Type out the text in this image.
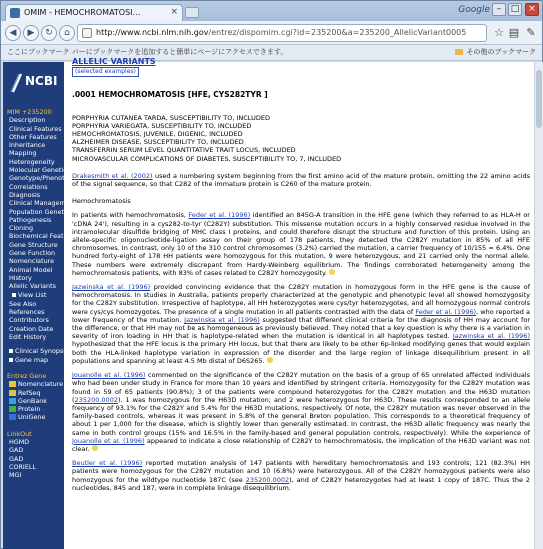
OMIM - HEMOCHROMATOSI…	×	Google –	□ ×
◀	▶	↻	⌂	http://www.ncbi.nlm.nih.gov/entrez/dispomim.cgi?id=235200&a=235200_AllelicVariant0005	☆ ▤ ✎
ここにブックマーク バーにブックマークを追加すると簡単にページにアクセスできます。	その他のブックマーク
NCBI
MIM +235200
Description
Clinical Features
Other Features
Inheritance
Mapping
Heterogeneity
Molecular Genetics
Genotype/Phenotype
Correlations
Diagnosis
Clinical Management
Population Genetics
Pathogenesis
Cloning
Biochemical Features
Gene Structure
Gene Function
Nomenclature
Animal Model
History
Allelic Variants
View List
See Also
References
Contributors
Creation Date
Edit History
Clinical Synopsis
Gene map
Entrez Gene
Nomenclature
RefSeq
GenBank
Protein
UniGene
LinkOut
HGMD
GAD
GAD
CORIELL
MGI
ALLELIC VARIANTS
(selected examples)
.0001 HEMOCHROMATOSIS [HFE, CYS282TYR ]
PORPHYRIA CUTANEA TARDA, SUSCEPTIBILITY TO, INCLUDED
PORPHYRIA VARIEGATA, SUSCEPTIBILITY TO, INCLUDED
HEMOCHROMATOSIS, JUVENILE, DIGENIC, INCLUDED
ALZHEIMER DISEASE, SUSCEPTIBILITY TO, INCLUDED
TRANSFERRIN SERUM LEVEL QUANTITATIVE TRAIT LOCUS, INCLUDED
MICROVASCULAR COMPLICATIONS OF DIABETES, SUSCEPTIBILITY TO, 7, INCLUDED
Drakesmith et al. (2002) used a numbering system beginning from the first amino acid of the mature protein, omitting the 22 amino acids of the signal sequence, so that C282 of the immature protein is C260 of the mature protein.
Hemochromatosis
In patients with hemochromatosis, Feder et al. (1996) identified an 845G-A transition in the HFE gene (which they referred to as HLA-H or 'cDNA 24'), resulting in a cys282-to-tyr (C282Y) substitution. This missense mutation occurs in a highly conserved residue involved in the intramolecular disulfide bridging of MHC class I proteins, and could therefore disrupt the structure and function of this protein. Using an allele-specific oligonucleotide-ligation assay on their group of 178 patients, they detected the C282Y mutation in 85% of all HFE chromosomes. In contrast, only 10 of the 310 control chromosomes (3.2%) carried the mutation, a carrier frequency of 10/155 = 6.4%. One hundred forty-eight of 178 HH patients were homozygous for this mutation, 9 were heterozygous, and 21 carried only the normal allele. These numbers were extremely discrepant from Hardy-Weinberg equilibrium. The findings corroborated heterogeneity among the hemochromatosis patients, with 83% of cases related to C282Y homozygosity.
Jazwinska et al. (1996) provided convincing evidence that the C282Y mutation in homozygous form in the HFE gene is the cause of hemochromatosis. In studies in Australia, patients properly characterized at the genotypic and phenotypic level all showed homozygosity for the C282Y substitution. Irrespective of haplotype, all HH heterozygotes were cys/tyr heterozygotes, and all homozygous normal controls were cys/cys homozygotes. The presence of a single mutation in all patients contrasted with the data of Feder et al. (1996), who reported a lower frequency of the mutation. Jazwinska et al. (1996) suggested that different clinical criteria for the diagnosis of HH may account for the difference, or that HH may not be as homogeneous as previously believed. They noted that a key question is why there is a variation in severity of iron loading in HH that is haplotype-related when the mutation is identical in all haplotypes tested. Jazwinska et al. (1996) hypothesized that the HFE locus is the primary HH locus, but that there are likely to be other 6p-linked modifying genes that would explain both the HLA-linked haplotype variation in expression of the disorder and the large region of linkage disequilibrium present in all populations and spanning at least 4.5 Mb distal of D6S265.
Jouanolle et al. (1996) commented on the significance of the C282Y mutation on the basis of a group of 65 unrelated affected individuals who had been under study in France for more than 10 years and identified by stringent criteria. Homozygosity for the C282Y mutation was found in 59 of 65 patients (90.8%); 3 of the patients were compound heterozygotes for the C282Y mutation and the H63D mutation (235200.0002). 1 was homozygous for the H63D mutation; and 2 were heterozygous for H63D. These results corresponded to an allele frequency of 93.1% for the C282Y and 5.4% for the H63D mutations, respectively. Of note, the C282Y mutation was never observed in the family-based controls, whereas it was present in 5.8% of the general Breton population. This corresponds to a theoretical frequency of about 1 per 1,000 for the disease, which is slightly lower than generally estimated. In contrast, the H63D allelic frequency was nearly the same in both control groups (15% and 16.5% in the family-based and general population controls, respectively). While the experience of Jouanolle et al. (1996) appeared to indicate a close relationship of C282Y to hemochromatosis, the implication of the H63D variant was not clear.
Beutler et al. (1996) reported mutation analysis of 147 patients with hereditary hemochromatosis and 193 controls; 121 (82.3%) HH patients were homozygous for the C282Y mutation and 10 (6.8%) were heterozygous. All of the C282Y homozygous patients were also homozygous for the wildtype nucleotide 187C (see 235200.0002), and of C282Y heterozygotes had at least 1 copy of 187C. Thus the 2 nucleotides, 845 and 187, were in complete linkage disequilibrium.
